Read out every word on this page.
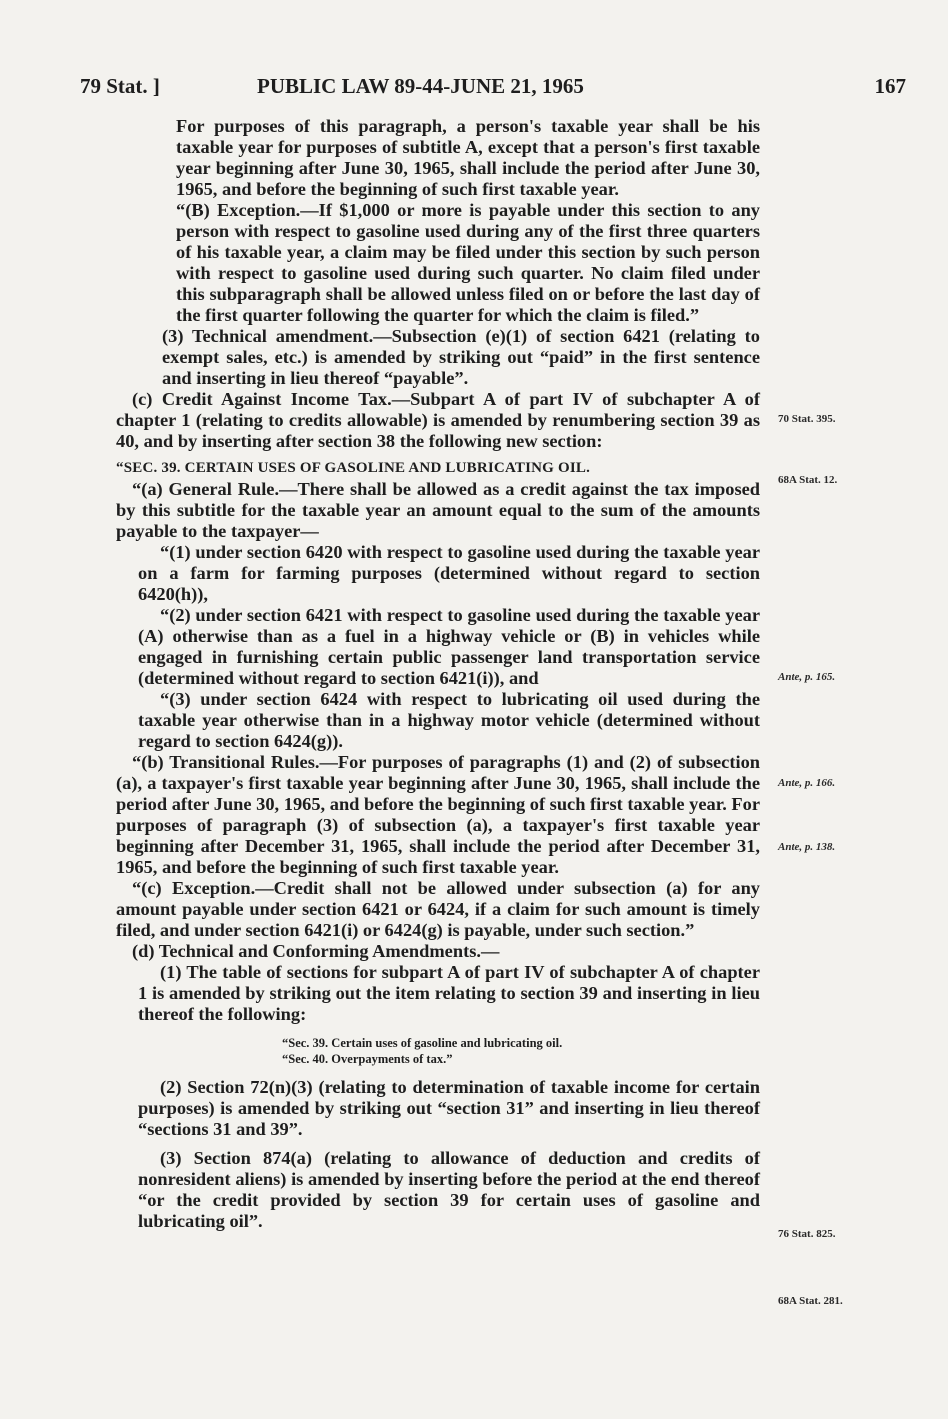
79 Stat. ]	PUBLIC LAW 89-44-JUNE 21, 1965	167

For purposes of this paragraph, a person's taxable year shall be his taxable year for purposes of subtitle A, except that a person's first taxable year beginning after June 30, 1965, shall include the period after June 30, 1965, and before the beginning of such first taxable year.

“(B) Exception.—If $1,000 or more is payable under this section to any person with respect to gasoline used during any of the first three quarters of his taxable year, a claim may be filed under this section by such person with respect to gasoline used during such quarter. No claim filed under this subparagraph shall be allowed unless filed on or before the last day of the first quarter following the quarter for which the claim is filed.”

(3) Technical amendment.—Subsection (e)(1) of section 6421 (relating to exempt sales, etc.) is amended by striking out “paid” in the first sentence and inserting in lieu thereof “payable”.

(c) Credit Against Income Tax.—Subpart A of part IV of subchapter A of chapter 1 (relating to credits allowable) is amended by renumbering section 39 as 40, and by inserting after section 38 the following new section:

“SEC. 39. CERTAIN USES OF GASOLINE AND LUBRICATING OIL.

“(a) General Rule.—There shall be allowed as a credit against the tax imposed by this subtitle for the taxable year an amount equal to the sum of the amounts payable to the taxpayer—

“(1) under section 6420 with respect to gasoline used during the taxable year on a farm for farming purposes (determined without regard to section 6420(h)),

“(2) under section 6421 with respect to gasoline used during the taxable year (A) otherwise than as a fuel in a highway vehicle or (B) in vehicles while engaged in furnishing certain public passenger land transportation service (determined without regard to section 6421(i)), and

“(3) under section 6424 with respect to lubricating oil used during the taxable year otherwise than in a highway motor vehicle (determined without regard to section 6424(g)).

“(b) Transitional Rules.—For purposes of paragraphs (1) and (2) of subsection (a), a taxpayer's first taxable year beginning after June 30, 1965, shall include the period after June 30, 1965, and before the beginning of such first taxable year. For purposes of paragraph (3) of subsection (a), a taxpayer's first taxable year beginning after December 31, 1965, shall include the period after December 31, 1965, and before the beginning of such first taxable year.

“(c) Exception.—Credit shall not be allowed under subsection (a) for any amount payable under section 6421 or 6424, if a claim for such amount is timely filed, and under section 6421(i) or 6424(g) is payable, under such section.”

(d) Technical and Conforming Amendments.—

(1) The table of sections for subpart A of part IV of subchapter A of chapter 1 is amended by striking out the item relating to section 39 and inserting in lieu thereof the following:

“Sec. 39. Certain uses of gasoline and lubricating oil.
“Sec. 40. Overpayments of tax.”

(2) Section 72(n)(3) (relating to determination of taxable income for certain purposes) is amended by striking out “section 31” and inserting in lieu thereof “sections 31 and 39”.

(3) Section 874(a) (relating to allowance of deduction and credits of nonresident aliens) is amended by inserting before the period at the end thereof “or the credit provided by section 39 for certain uses of gasoline and lubricating oil”.

70 Stat. 395.
68A Stat. 12.
Ante, p. 165.
Ante, p. 166.
Ante, p. 138.
76 Stat. 825.
68A Stat. 281.
